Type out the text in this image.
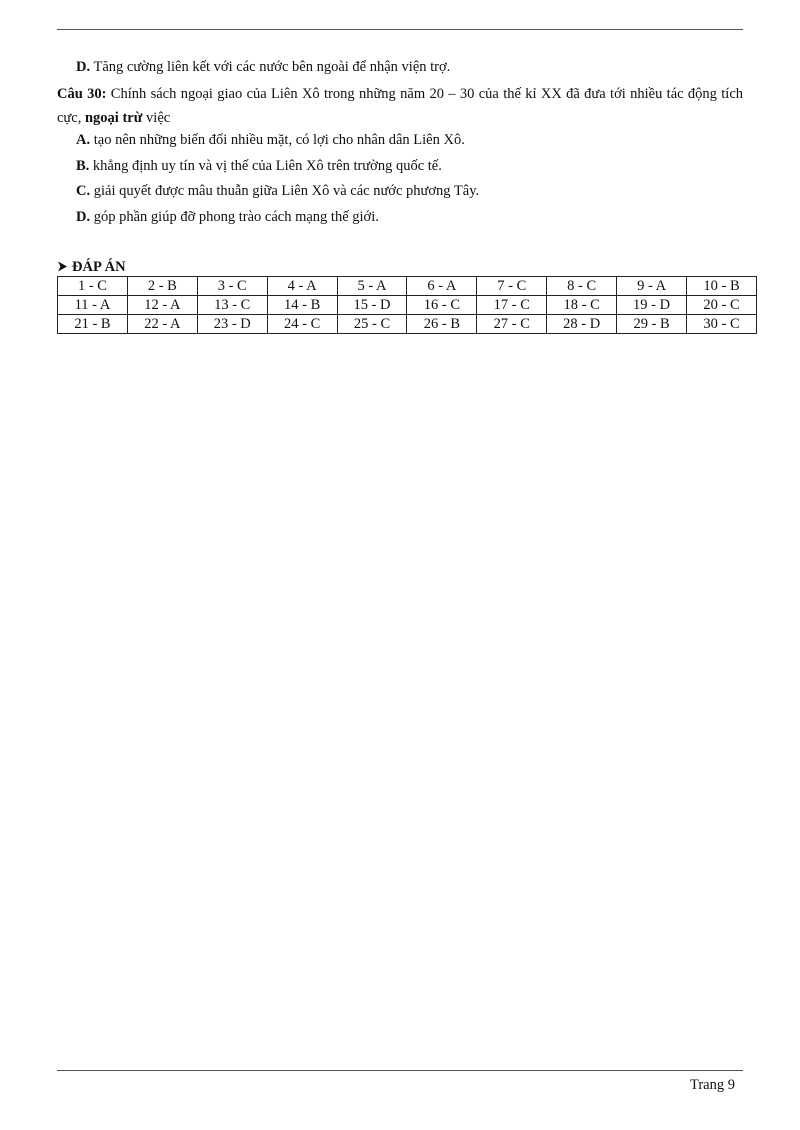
D. Tăng cường liên kết với các nước bên ngoài để nhận viện trợ.
Câu 30: Chính sách ngoại giao của Liên Xô trong những năm 20 – 30 của thế kỉ XX đã đưa tới nhiều tác động tích cực, ngoại trừ việc
A. tạo nên những biến đổi nhiều mặt, có lợi cho nhân dân Liên Xô.
B. khẳng định uy tín và vị thế của Liên Xô trên trường quốc tế.
C. giải quyết được mâu thuẫn giữa Liên Xô và các nước phương Tây.
D. góp phần giúp đỡ phong trào cách mạng thế giới.
ĐÁP ÁN
1 - C	2 - B	3 - C	4 - A	5 - A	6 - A	7 - C	8 - C	9 - A	10 - B
11 - A	12 - A	13 - C	14 - B	15 - D	16 - C	17 - C	18 - C	19 - D	20 - C
21 - B	22 - A	23 - D	24 - C	25 - C	26 - B	27 - C	28 - D	29 - B	30 - C
Trang 9
